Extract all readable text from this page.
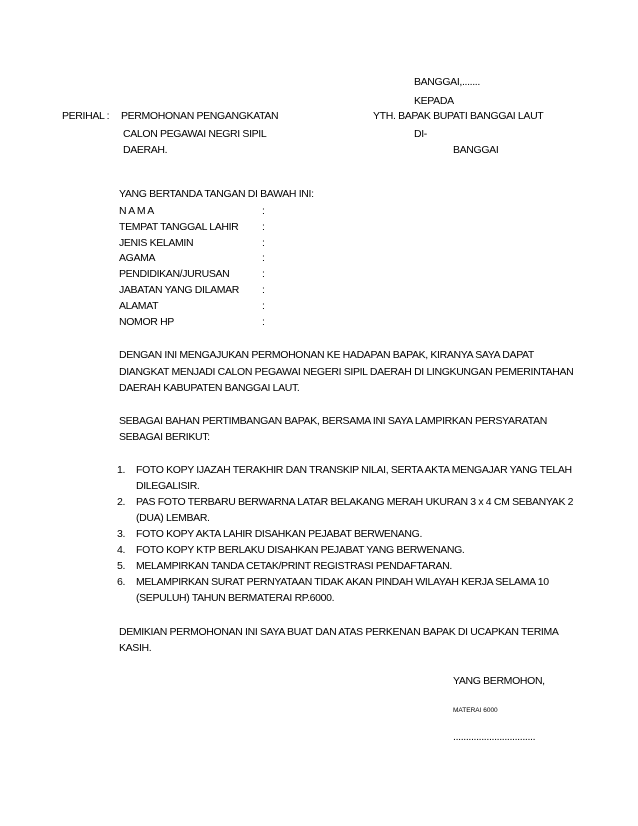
BANGGAI,.......
KEPADA
PERIHAL : PERMOHONAN PENGANGKATAN
CALON PEGAWAI NEGRI SIPIL
DAERAH.
YTH. BAPAK BUPATI BANGGAI LAUT
DI-
BANGGAI
YANG BERTANDA TANGAN DI BAWAH INI:
N A M A	:
TEMPAT TANGGAL LAHIR :
JENIS KELAMIN	:
AGAMA	:
PENDIDIKAN/JURUSAN	:
JABATAN YANG DILAMAR :
ALAMAT	:
NOMOR HP	:
DENGAN INI MENGAJUKAN PERMOHONAN KE HADAPAN BAPAK, KIRANYA SAYA DAPAT
DIANGKAT MENJADI CALON PEGAWAI NEGERI SIPIL DAERAH DI LINGKUNGAN PEMERINTAHAN
DAERAH KABUPATEN BANGGAI LAUT.
SEBAGAI BAHAN PERTIMBANGAN BAPAK, BERSAMA INI SAYA LAMPIRKAN PERSYARATAN
SEBAGAI BERIKUT:
1. FOTO KOPY IJAZAH TERAKHIR DAN TRANSKIP NILAI, SERTA AKTA MENGAJAR YANG TELAH
DILEGALISIR.
2. PAS FOTO TERBARU BERWARNA LATAR BELAKANG MERAH UKURAN 3 x 4 CM SEBANYAK 2
(DUA) LEMBAR.
3. FOTO KOPY AKTA LAHIR DISAHKAN PEJABAT BERWENANG.
4. FOTO KOPY KTP BERLAKU DISAHKAN PEJABAT YANG BERWENANG.
5. MELAMPIRKAN TANDA CETAK/PRINT REGISTRASI PENDAFTARAN.
6. MELAMPIRKAN SURAT PERNYATAAN TIDAK AKAN PINDAH WILAYAH KERJA SELAMA 10
(SEPULUH) TAHUN BERMATERAI RP.6000.
DEMIKIAN PERMOHONAN INI SAYA BUAT DAN ATAS PERKENAN BAPAK DI UCAPKAN TERIMA
KASIH.
YANG BERMOHON,
MATERAI 6000
................................
